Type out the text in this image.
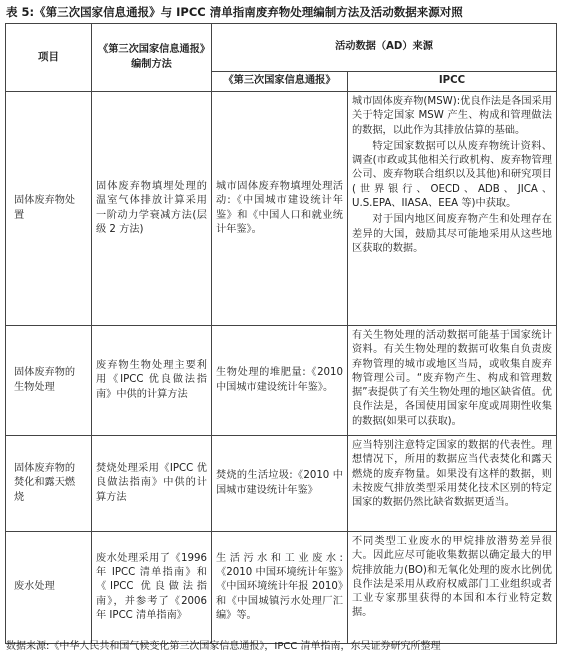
表 5:《第三次国家信息通报》与 IPCC 清单指南废弃物处理编制方法及活动数据来源对照
项目	《第三次国家信息通报》编制方法	活动数据（AD）来源	
		《第三次国家信息通报》	IPCC
固体废弃物处置	固体废弃物填埋处理的温室气体排放计算采用一阶动力学衰减方法(层级 2 方法)	城市固体废弃物填埋处理活动:《中国城市建设统计年鉴》和《中国人口和就业统计年鉴》。	城市固体废弃物(MSW):优良作法是各国采用关于特定国家 MSW 产生、构成和管理做法的数据，以此作为其排放估算的基础。

特定国家数据可以从废弃物统计资料、调查(市政或其他相关行政机构、废弃物管理公司、废弃物联合组织以及其他)和研究项目(世界银行、OECD、ADB、JICA、U.S.EPA、IIASA、EEA 等)中获取。

对于国内地区间废弃物产生和处理存在差异的大国，鼓励其尽可能地采用从这些地区获取的数据。

固体废弃物的生物处理	废弃物生物处理主要利用《IPCC 优良做法指南》中供的计算方法	生物处理的堆肥量:《2010 中国城市建设统计年鉴》。	有关生物处理的活动数据可能基于国家统计资料。有关生物处理的数据可收集自负责废弃物管理的城市或地区当局，或收集自废弃物管理公司。“废弃物产生、构成和管理数据”表提供了有关生物处理的地区缺省值。优良作法是，各国使用国家年度或周期性收集的数据(如果可以获取)。

固体废弃物的焚化和露天燃烧	焚烧处理采用《IPCC 优良做法指南》中供的计算方法	焚烧的生活垃圾:《2010 中国城市建设统计年鉴》	应当特别注意特定国家的数据的代表性。理想情况下，所用的数据应当代表焚化和露天燃烧的废弃物量。如果没有这样的数据，则未按废气排放类型采用焚化技术区别的特定国家的数据仍然比缺省数据更适当。

废水处理	废水处理采用了《1996 年 IPCC 清单指南》和《IPCC 优良做法指南》，并参考了《2006 年 IPCC 清单指南》	生活污水和工业废水:《2010 中国环境统计年鉴》《中国环境统计年报 2010》和《中国城镇污水处理厂汇编》等。	不同类型工业废水的甲烷排放潜势差异很大。因此应尽可能收集数据以确定最大的甲烷排放能力(BO)和无氧化处理的废水比例优良作法是采用从政府权威部门工业组织或者工业专家那里获得的本国和本行业特定数据。

数据来源:《中华人民共和国气候变化第三次国家信息通报》，IPCC 清单指南，东吴证券研究所整理
